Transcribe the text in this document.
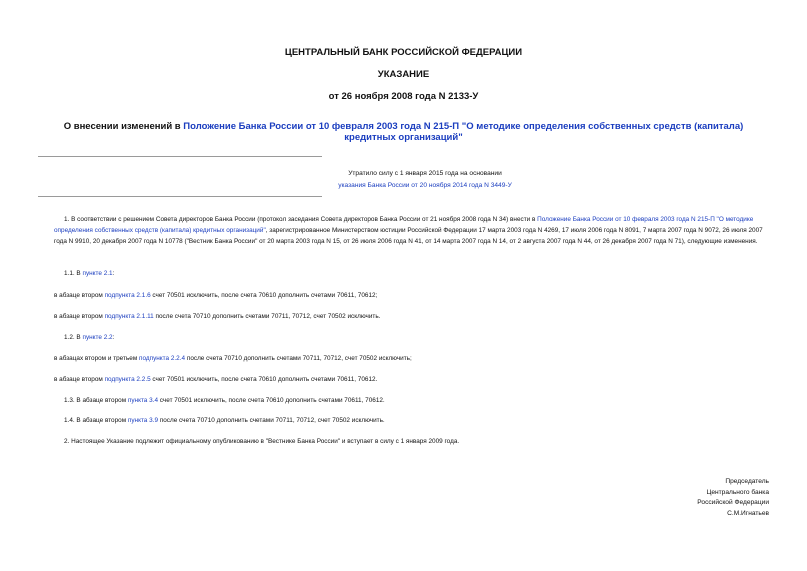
ЦЕНТРАЛЬНЫЙ БАНК РОССИЙСКОЙ ФЕДЕРАЦИИ
УКАЗАНИЕ
от 26 ноября 2008 года N 2133-У
О внесении изменений в Положение Банка России от 10 февраля 2003 года N 215-П "О методике определения собственных средств (капитала) кредитных организаций"
Утратило силу с 1 января 2015 года на основании
указания Банка России от 20 ноября 2014 года N 3449-У
1. В соответствии с решением Совета директоров Банка России (протокол заседания Совета директоров Банка России от 21 ноября 2008 года N 34) внести в Положение Банка России от 10 февраля 2003 года N 215-П "О методике определения собственных средств (капитала) кредитных организаций", зарегистрированное Министерством юстиции Российской Федерации 17 марта 2003 года N 4269, 17 июля 2006 года N 8091, 7 марта 2007 года N 9072, 26 июля 2007 года N 9910, 20 декабря 2007 года N 10778 ("Вестник Банка России" от 20 марта 2003 года N 15, от 26 июля 2006 года N 41, от 14 марта 2007 года N 14, от 2 августа 2007 года N 44, от 26 декабря 2007 года N 71), следующие изменения.
1.1. В пункте 2.1:
в абзаце втором подпункта 2.1.6 счет 70501 исключить, после счета 70610 дополнить счетами 70611, 70612;
в абзаце втором подпункта 2.1.11 после счета 70710 дополнить счетами 70711, 70712, счет 70502 исключить.
1.2. В пункте 2.2:
в абзацах втором и третьем подпункта 2.2.4 после счета 70710 дополнить счетами 70711, 70712, счет 70502 исключить;
в абзаце втором подпункта 2.2.5 счет 70501 исключить, после счета 70610 дополнить счетами 70611, 70612.
1.3. В абзаце втором пункта 3.4 счет 70501 исключить, после счета 70610 дополнить счетами 70611, 70612.
1.4. В абзаце втором пункта 3.9 после счета 70710 дополнить счетами 70711, 70712, счет 70502 исключить.
2. Настоящее Указание подлежит официальному опубликованию в "Вестнике Банка России" и вступает в силу с 1 января 2009 года.
Председатель
Центрального банка
Российской Федерации
С.М.Игнатьев
